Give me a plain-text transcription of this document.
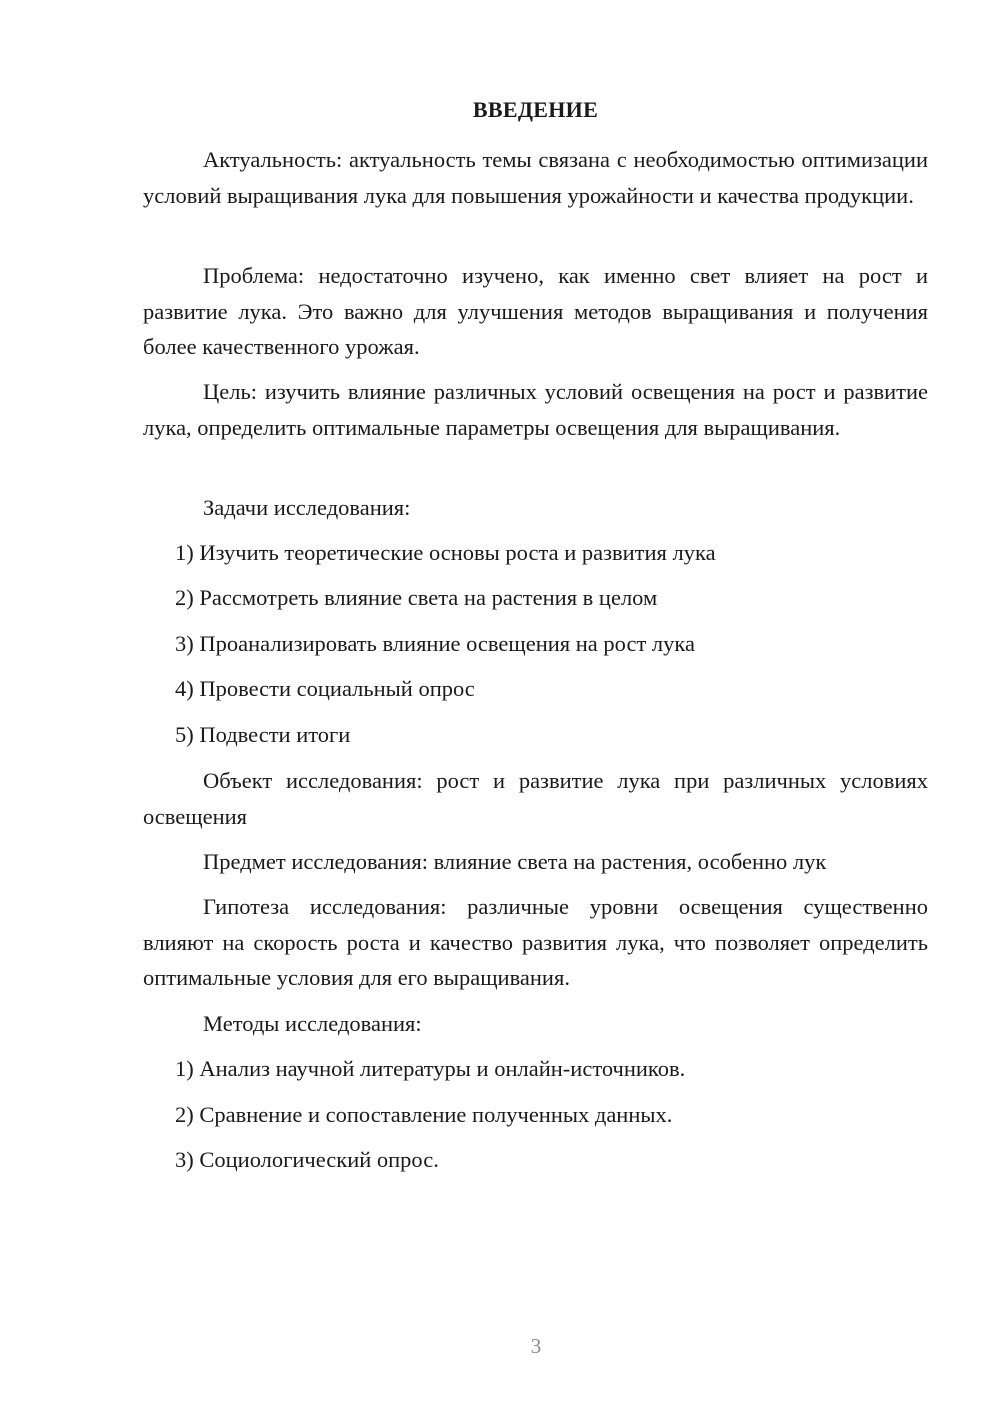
ВВЕДЕНИЕ

Актуальность: актуальность темы связана с необходимостью оптимизации условий выращивания лука для повышения урожайности и качества продукции.

Проблема: недостаточно изучено, как именно свет влияет на рост и развитие лука. Это важно для улучшения методов выращивания и получения более качественного урожая.

Цель: изучить влияние различных условий освещения на рост и развитие лука, определить оптимальные параметры освещения для выращивания.

Задачи исследования:

1) Изучить теоретические основы роста и развития лука

2) Рассмотреть влияние света на растения в целом

3) Проанализировать влияние освещения на рост лука

4) Провести социальный опрос

5) Подвести итоги

Объект исследования: рост и развитие лука при различных условиях освещения

Предмет исследования: влияние света на растения, особенно лук

Гипотеза исследования: различные уровни освещения существенно влияют на скорость роста и качество развития лука, что позволяет определить оптимальные условия для его выращивания.

Методы исследования:

1) Анализ научной литературы и онлайн-источников.

2) Сравнение и сопоставление полученных данных.

3) Социологический опрос.

3
